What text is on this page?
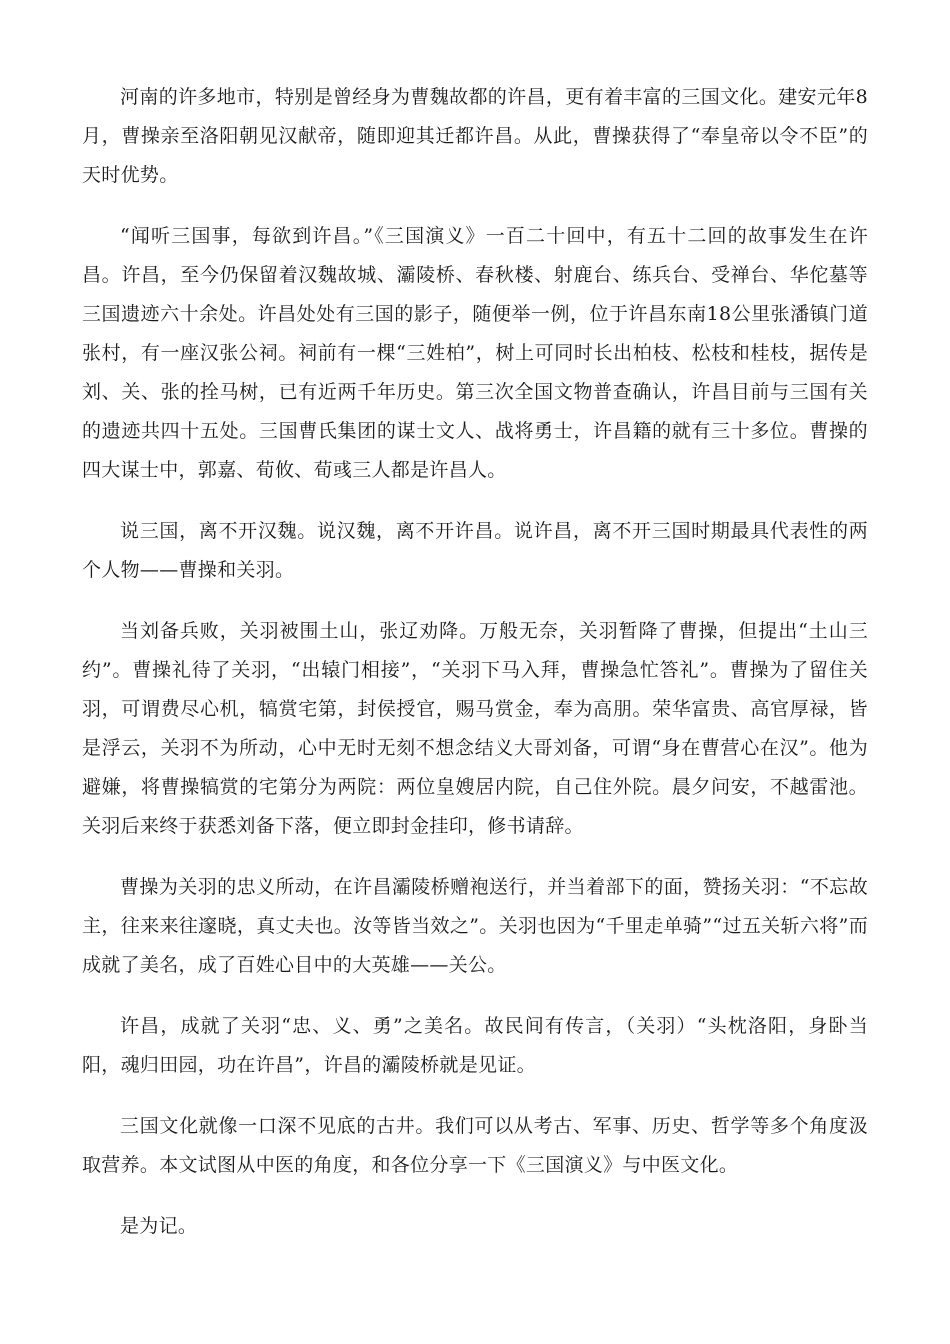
河南的许多地市，特别是曾经身为曹魏故都的许昌，更有着丰富的三国文化。建安元年8月，曹操亲至洛阳朝见汉献帝，随即迎其迁都许昌。从此，曹操获得了“奉皇帝以令不臣”的天时优势。

“闻听三国事，每欲到许昌。”《三国演义》一百二十回中，有五十二回的故事发生在许昌。许昌，至今仍保留着汉魏故城、灞陵桥、春秋楼、射鹿台、练兵台、受禅台、华佗墓等三国遗迹六十余处。许昌处处有三国的影子，随便举一例，位于许昌东南18公里张潘镇门道张村，有一座汉张公祠。祠前有一棵“三姓柏”，树上可同时长出柏枝、松枝和桂枝，据传是刘、关、张的拴马树，已有近两千年历史。第三次全国文物普查确认，许昌目前与三国有关的遗迹共四十五处。三国曹氏集团的谋士文人、战将勇士，许昌籍的就有三十多位。曹操的四大谋士中，郭嘉、荀攸、荀彧三人都是许昌人。

说三国，离不开汉魏。说汉魏，离不开许昌。说许昌，离不开三国时期最具代表性的两个人物——曹操和关羽。

当刘备兵败，关羽被围土山，张辽劝降。万般无奈，关羽暂降了曹操，但提出“土山三约”。曹操礼待了关羽，“出辕门相接”，“关羽下马入拜，曹操急忙答礼”。曹操为了留住关羽，可谓费尽心机，犒赏宅第，封侯授官，赐马赏金，奉为高朋。荣华富贵、高官厚禄，皆是浮云，关羽不为所动，心中无时无刻不想念结义大哥刘备，可谓“身在曹营心在汉”。他为避嫌，将曹操犒赏的宅第分为两院：两位皇嫂居内院，自己住外院。晨夕问安，不越雷池。关羽后来终于获悉刘备下落，便立即封金挂印，修书请辞。

曹操为关羽的忠义所动，在许昌灞陵桥赠袍送行，并当着部下的面，赞扬关羽：“不忘故主，往来来往邃晓，真丈夫也。汝等皆当效之”。关羽也因为“千里走单骑”“过五关斩六将”而成就了美名，成了百姓心目中的大英雄——关公。

许昌，成就了关羽“忠、义、勇”之美名。故民间有传言，（关羽）“头枕洛阳，身卧当阳，魂归田园，功在许昌”，许昌的灞陵桥就是见证。

三国文化就像一口深不见底的古井。我们可以从考古、军事、历史、哲学等多个角度汲取营养。本文试图从中医的角度，和各位分享一下《三国演义》与中医文化。

是为记。
